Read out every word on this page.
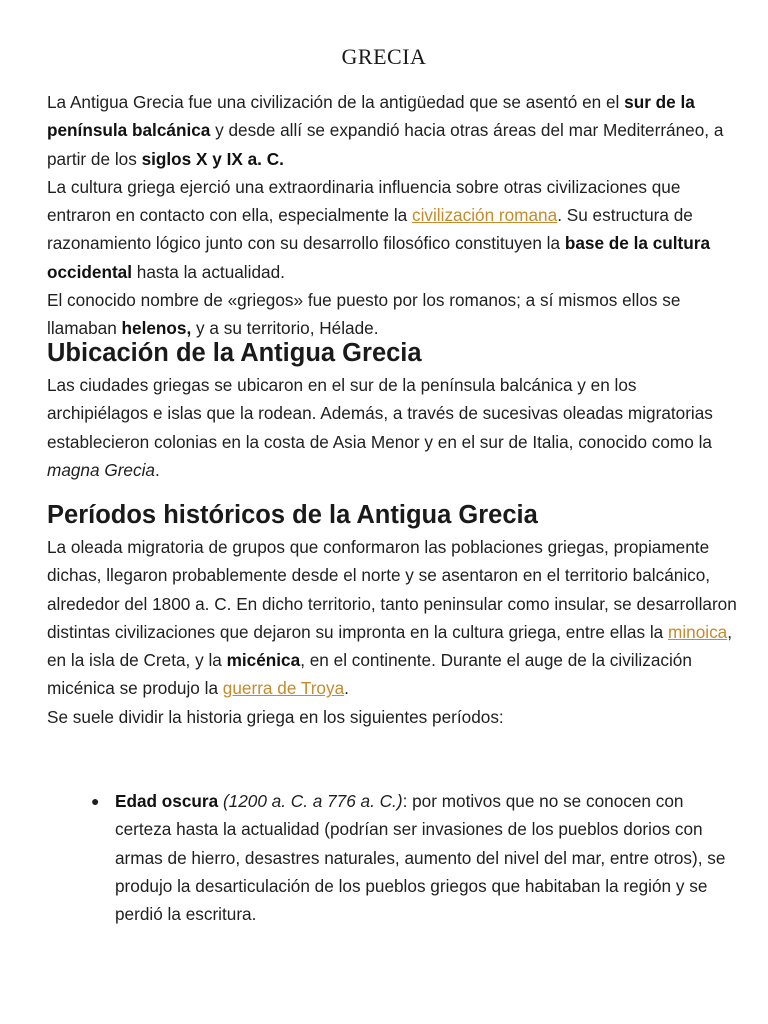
GRECIA
La Antigua Grecia fue una civilización de la antigüedad que se asentó en el sur de la península balcánica y desde allí se expandió hacia otras áreas del mar Mediterráneo, a partir de los siglos X y IX a. C.
La cultura griega ejerció una extraordinaria influencia sobre otras civilizaciones que entraron en contacto con ella, especialmente la civilización romana. Su estructura de razonamiento lógico junto con su desarrollo filosófico constituyen la base de la cultura occidental hasta la actualidad.
El conocido nombre de «griegos» fue puesto por los romanos; a sí mismos ellos se llamaban helenos, y a su territorio, Hélade.
Ubicación de la Antigua Grecia
Las ciudades griegas se ubicaron en el sur de la península balcánica y en los archipiélagos e islas que la rodean. Además, a través de sucesivas oleadas migratorias establecieron colonias en la costa de Asia Menor y en el sur de Italia, conocido como la magna Grecia.
Períodos históricos de la Antigua Grecia
La oleada migratoria de grupos que conformaron las poblaciones griegas, propiamente dichas, llegaron probablemente desde el norte y se asentaron en el territorio balcánico, alrededor del 1800 a. C. En dicho territorio, tanto peninsular como insular, se desarrollaron distintas civilizaciones que dejaron su impronta en la cultura griega, entre ellas la minoica, en la isla de Creta, y la micénica, en el continente. Durante el auge de la civilización micénica se produjo la guerra de Troya.
Se suele dividir la historia griega en los siguientes períodos:
● Edad oscura (1200 a. C. a 776 a. C.): por motivos que no se conocen con certeza hasta la actualidad (podrían ser invasiones de los pueblos dorios con armas de hierro, desastres naturales, aumento del nivel del mar, entre otros), se produjo la desarticulación de los pueblos griegos que habitaban la región y se perdió la escritura.
